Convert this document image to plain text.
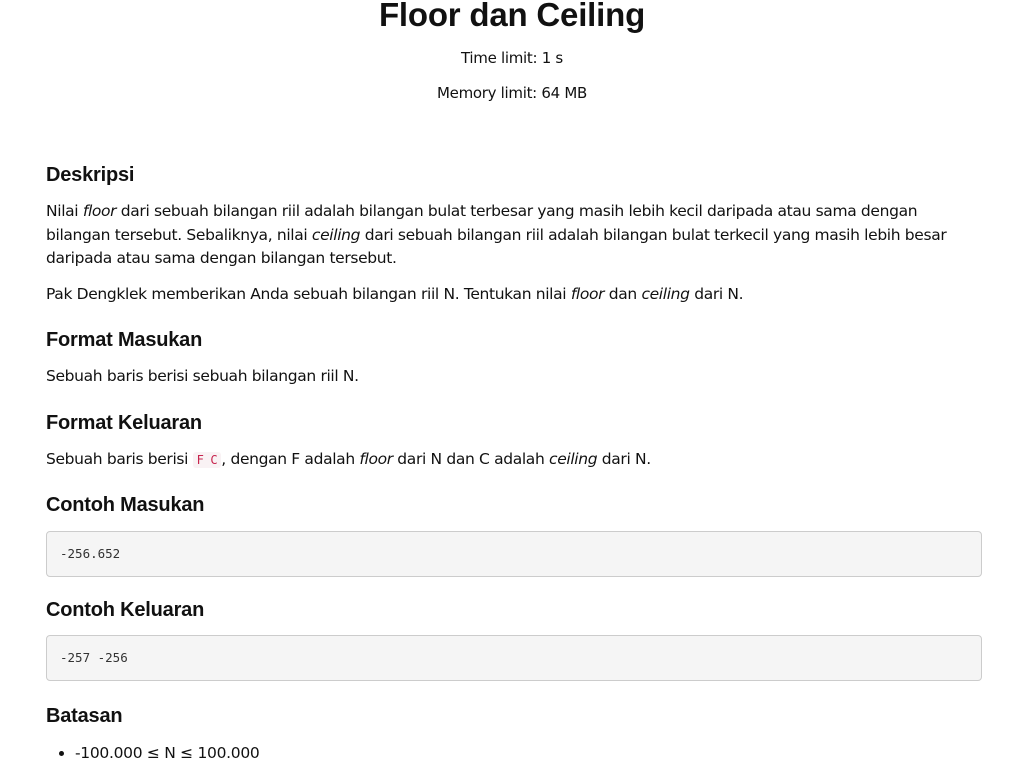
Floor dan Ceiling
Time limit: 1 s
Memory limit: 64 MB
Deskripsi

Nilai floor dari sebuah bilangan riil adalah bilangan bulat terbesar yang masih lebih kecil daripada atau sama dengan bilangan tersebut. Sebaliknya, nilai ceiling dari sebuah bilangan riil adalah bilangan bulat terkecil yang masih lebih besar daripada atau sama dengan bilangan tersebut.

Pak Dengklek memberikan Anda sebuah bilangan riil N. Tentukan nilai floor dan ceiling dari N.

Format Masukan

Sebuah baris berisi sebuah bilangan riil N.

Format Keluaran

Sebuah baris berisi F C , dengan F adalah floor dari N dan C adalah ceiling dari N.

Contoh Masukan
-256.652
Contoh Keluaran
-257 -256
Batasan
• -100.000 ≤ N ≤ 100.000
